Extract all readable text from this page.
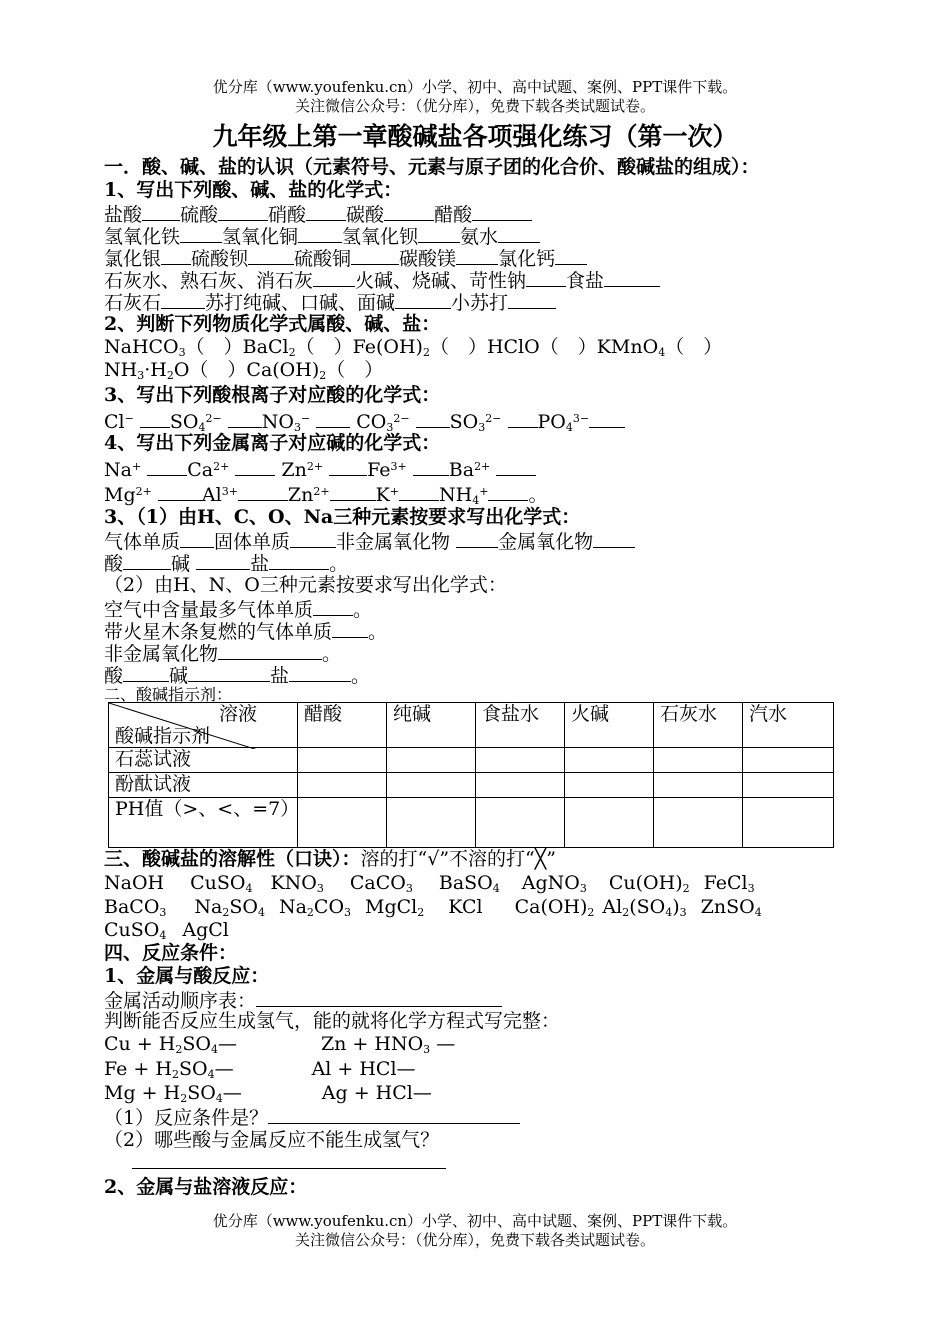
优分库（www.youfenku.cn）小学、初中、高中试题、案例、PPT课件下载。
关注微信公众号：（优分库），免费下载各类试题试卷。
九年级上第一章酸碱盐各项强化练习（第一次）
一．酸、碱、盐的认识（元素符号、元素与原子团的化合价、酸碱盐的组成）：
1、写出下列酸、碱、盐的化学式：
盐酸 硫酸	硝酸 碳酸	醋酸
氢氧化铁 氢氧化铜 氢氧化钡 氨水
氯化银 硫酸钡 硫酸铜	碳酸镁 氯化钙
石灰水、熟石灰、消石灰 火碱、烧碱、苛性钠 食盐
石灰石 苏打纯碱、口碱、面碱	小苏打
2、判断下列物质化学式属酸、碱、盐：
NaHCO$_3$（　）BaCl$_2$（　）$Fe(OH)_2$（　）HClO（　）KMnO$_4$（　）
$NH_3\cdot H_2O$（　）$Ca(OH)_2$（　）
3、写出下列酸根离子对应酸的化学式：
Cl− $SO_4^{2-}$ $NO_3^-$  $CO_3^{2-}$ $SO_3^{2-}$ $PO_4^{3-}$
4、写出下列金属离子对应碱的化学式：
Na+ $Ca^{2+}$  $Zn^{2+}$ $Fe^{3+}$ $Ba^{2+}$
$Mg^{2+}$	$Al^{3+}$	$Zn^{2+}$ K+ $NH_4^+$ 。
3、（1）由H、C、O、Na三种元素按要求写出化学式：
气体单质 固体单质 非金属氧化物	金属氧化物
酸	碱	盐	。
（2）由H、N、O三种元素按要求写出化学式：
空气中含量最多气体单质 。
带火星木条复燃的气体单质 。
非金属氧化物	。
酸 碱	盐	。
二、酸碱指示剂：
溶液
酸碱指示剂	醋酸	纯碱	食盐水	火碱	石灰水	汽水
石蕊试液						
酚酞试液						
PH值（>、<、=7）						
三、酸碱盐的溶解性（口诀）：溶的打“√”不溶的打“╳”
NaOH CuSO$_4$ $KNO_3$ CaCO$_3$ BaSO$_4$ AgNO$_3$ $Cu(OH)_2$ FeCl$_3$
BaCO$_3$ $Na_2SO_4$ $Na_2CO_3$ MgCl$_2$ KCl $Ca(OH)_2$ $Al_2(SO_4)_3$ ZnSO$_4$
CuSO$_4$ AgCl
四、反应条件：
1、金属与酸反应：
金属活动顺序表：
判断能否反应生成氢气，能的就将化学方程式写完整：
$Cu + H_2SO_4—$	$Zn + HNO_3$ —
$Fe + H_2SO_4—$	Al + HCl—
$Mg + H_2SO_4—$	Ag + HCl—
（1）反应条件是？
（2）哪些酸与金属反应不能生成氢气？
2、金属与盐溶液反应：
优分库（www.youfenku.cn）小学、初中、高中试题、案例、PPT课件下载。
关注微信公众号：（优分库），免费下载各类试题试卷。
